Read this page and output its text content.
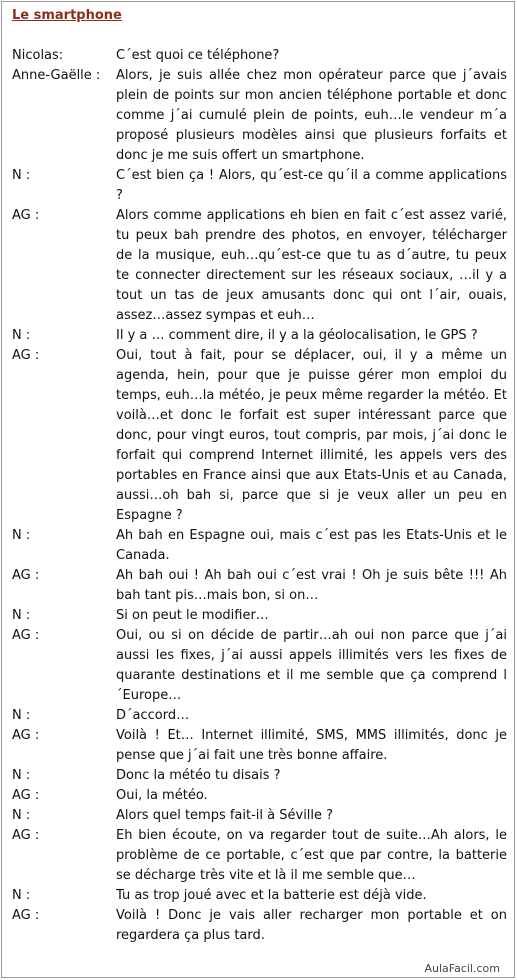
Le smartphone
Nicolas:	C´est quoi ce téléphone?
Anne-Gaëlle :	Alors, je suis allée chez mon opérateur parce que j´avais plein de points sur mon ancien téléphone portable et donc comme j´ai cumulé plein de points, euh…le vendeur m´a proposé plusieurs modèles ainsi que plusieurs forfaits et donc je me suis offert un smartphone.
N :	C´est bien ça ! Alors, qu´est-ce qu´il a comme applications ?
AG :	Alors comme applications eh bien en fait c´est assez varié, tu peux bah prendre des photos, en envoyer, télécharger de la musique, euh…qu´est-ce que tu as d´autre, tu peux te connecter directement sur les réseaux sociaux, …il y a tout un tas de jeux amusants donc qui ont l´air, ouais, assez…assez sympas et euh…
N :	Il y a … comment dire, il y a la géolocalisation, le GPS ?
AG :	Oui, tout à fait, pour se déplacer, oui, il y a même un agenda, hein, pour que je puisse gérer mon emploi du temps, euh…la météo, je peux même regarder la météo. Et voilà…et donc le forfait est super intéressant parce que donc, pour vingt euros, tout compris, par mois, j´ai donc le forfait qui comprend Internet illimité, les appels vers des portables en France ainsi que aux Etats-Unis et au Canada, aussi…oh bah si, parce que si je veux aller un peu en Espagne ?
N :	Ah bah en Espagne oui, mais c´est pas les Etats-Unis et le Canada.
AG :	Ah bah oui ! Ah bah oui c´est vrai ! Oh je suis bête !!! Ah bah tant pis…mais bon, si on…
N :	Si on peut le modifier…
AG :	Oui, ou si on décide de partir…ah oui non parce que j´ai aussi les fixes, j´ai aussi appels illimités vers les fixes de quarante destinations et il me semble que ça comprend l´Europe…
N :	D´accord…
AG :	Voilà ! Et… Internet illimité, SMS, MMS illimités, donc je pense que j´ai fait une très bonne affaire.
N :	Donc la météo tu disais ?
AG :	Oui, la météo.
N :	Alors quel temps fait-il à Séville ?
AG :	Eh bien écoute, on va regarder tout de suite…Ah alors, le problème de ce portable, c´est que par contre, la batterie se décharge très vite et là il me semble que…
N :	Tu as trop joué avec et la batterie est déjà vide.
AG :	Voilà ! Donc je vais aller recharger mon portable et on regardera ça plus tard.
AulaFacil.com
